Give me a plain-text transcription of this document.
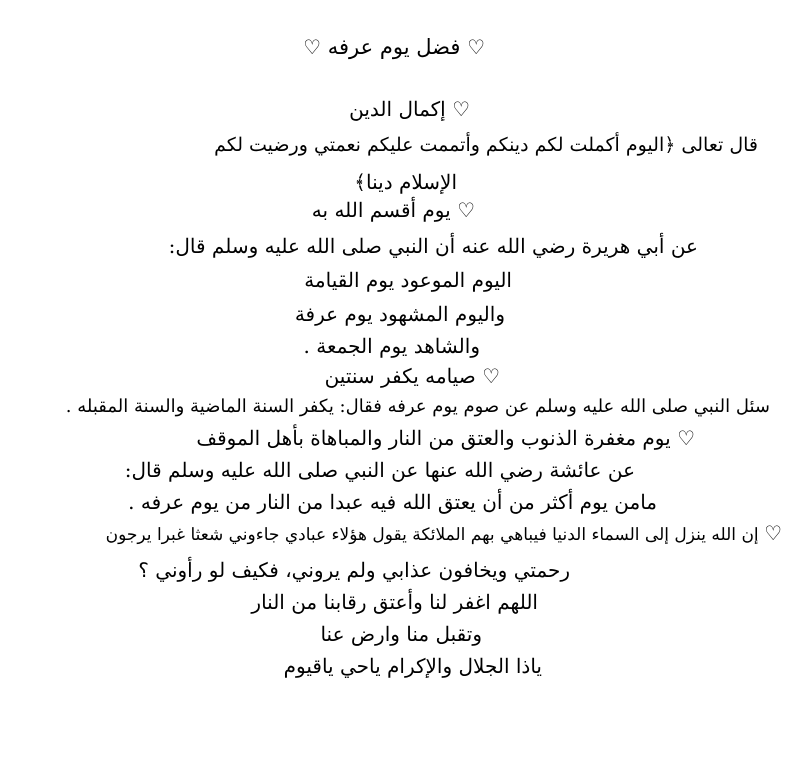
♡ فضل يوم عرفه ♡
♡ إكمال الدين
قال تعالى ﴿اليوم أكملت لكم دينكم وأتممت عليكم نعمتي ورضيت لكم
الإسلام دينا﴾
♡ يوم أقسم الله به
عن أبي هريرة رضي الله عنه أن النبي صلى الله عليه وسلم قال:
اليوم الموعود يوم القيامة
واليوم المشهود يوم عرفة
والشاهد يوم الجمعة .
♡ صيامه يكفر سنتين
سئل النبي صلى الله عليه وسلم عن صوم يوم عرفه فقال: يكفر السنة الماضية والسنة المقبله .
♡ يوم مغفرة الذنوب والعتق من النار والمباهاة بأهل الموقف
عن عائشة رضي الله عنها عن النبي صلى الله عليه وسلم قال:
مامن يوم أكثر من أن يعتق الله فيه عبدا من النار من يوم عرفه .
♡ إن الله ينزل إلى السماء الدنيا فيباهي بهم الملائكة يقول هؤلاء عبادي جاءوني شعثا غبرا يرجون
رحمتي ويخافون عذابي ولم يروني، فكيف لو رأوني ؟
اللهم اغفر لنا وأعتق رقابنا من النار
وتقبل منا وارض عنا
ياذا الجلال والإكرام ياحي ياقيوم
